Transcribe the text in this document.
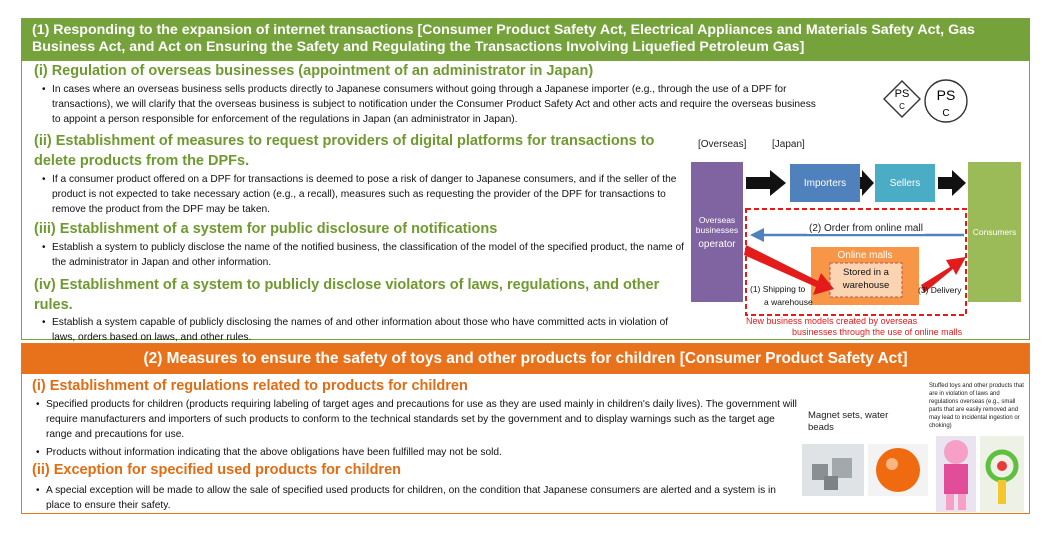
(1) Responding to the expansion of internet transactions [Consumer Product Safety Act, Electrical Appliances and Materials Safety Act, Gas Business Act, and Act on Ensuring the Safety and Regulating the Transactions Involving Liquefied Petroleum Gas]
(i) Regulation of overseas businesses (appointment of an administrator in Japan)
• In cases where an overseas business sells products directly to Japanese consumers without going through a Japanese importer (e.g., through the use of a DPF for transactions), we will clarify that the overseas business is subject to notification under the Consumer Product Safety Act and other acts and require the overseas business to appoint a person responsible for enforcement of the regulations in Japan (an administrator in Japan).
(ii) Establishment of measures to request providers of digital platforms for transactions to delete products from the DPFs.
• If a consumer product offered on a DPF for transactions is deemed to pose a risk of danger to Japanese consumers, and if the seller of the product is not expected to take necessary action (e.g., a recall), measures such as requesting the provider of the DPF for transactions to remove the product from the DPF may be taken.
(iii) Establishment of a system for public disclosure of notifications
• Establish a system to publicly disclose the name of the notified business, the classification of the model of the specified product, the name of the administrator in Japan and other information.
(iv) Establishment of a system to publicly disclose violators of laws, regulations, and other rules.
• Establish a system capable of publicly disclosing the names of and other information about those who have committed acts in violation of laws, orders based on laws, and other rules.
PS
C
PS
C
[Overseas]	[Japan]
Overseas businesses
operator
Importers	Sellers
Consumers
Online malls
Stored in a warehouse
(2) Order from online mall
(1) Shipping to
a warehouse
(3) Delivery
New business models created by overseas
businesses through the use of online malls
(2) Measures to ensure the safety of toys and other products for children [Consumer Product Safety Act]
(i) Establishment of regulations related to products for children
• Specified products for children (products requiring labeling of target ages and precautions for use as they are used mainly in children's daily lives). The government will require manufacturers and importers of such products to conform to the technical standards set by the government and to display warnings such as the target age range and precautions for use.
• Products without information indicating that the above obligations have been fulfilled may not be sold.
(ii) Exception for specified used products for children
• A special exception will be made to allow the sale of specified used products for children, on the condition that Japanese consumers are alerted and a system is in place to ensure their safety.
Magnet sets, water beads
Stuffed toys and other products that are in violation of laws and regulations overseas (e.g., small parts that are easily removed and may lead to incidental ingestion or choking)
